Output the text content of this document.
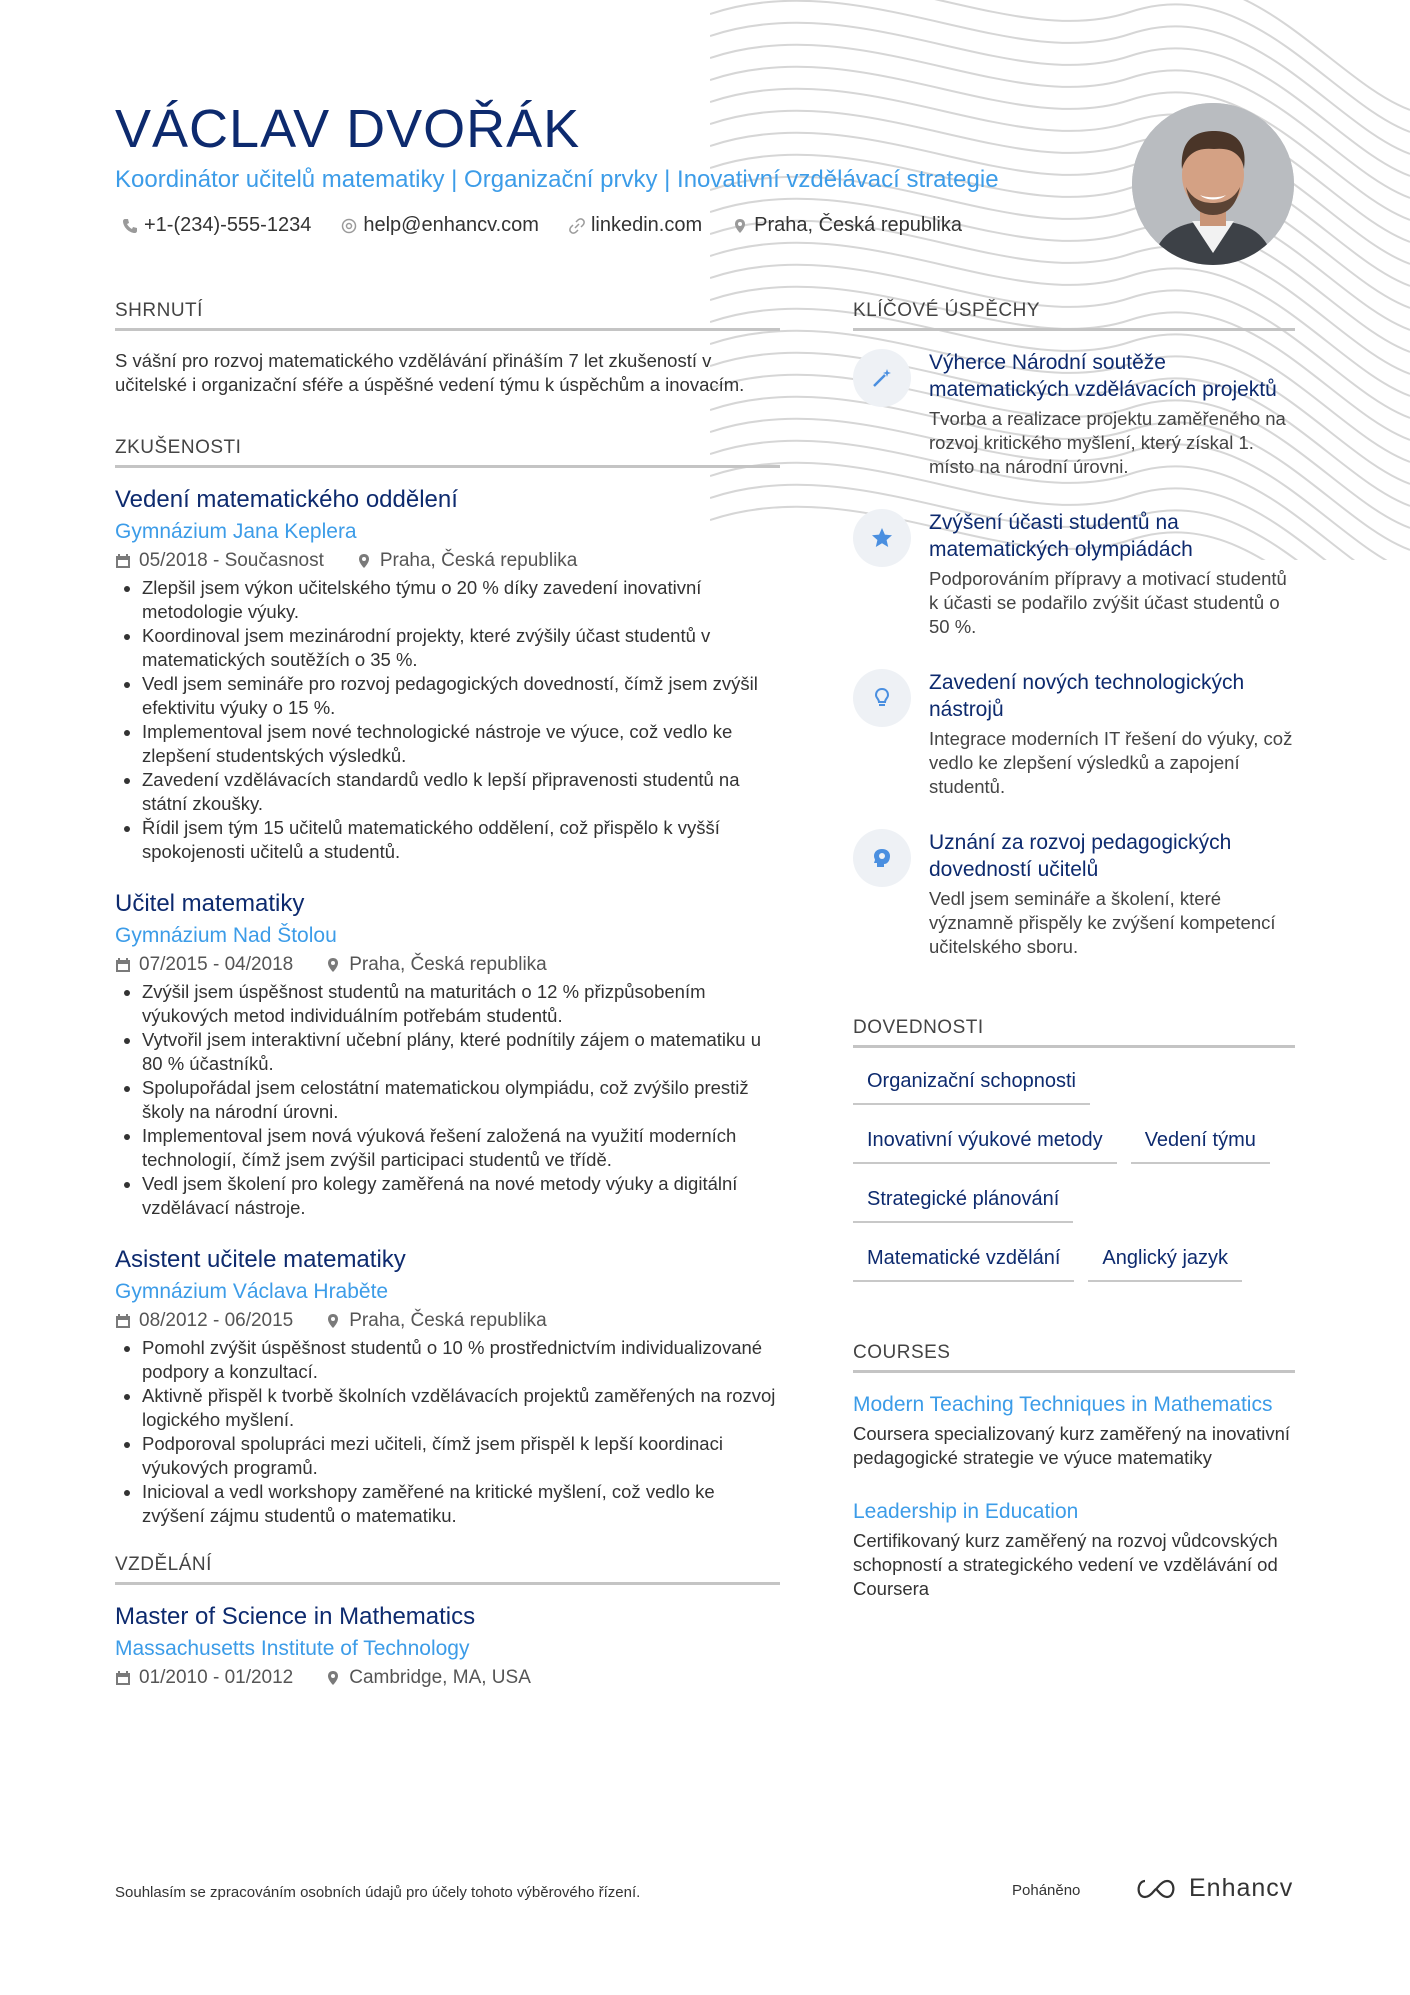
VÁCLAV DVOŘÁK
Koordinátor učitelů matematiky | Organizační prvky | Inovativní vzdělávací strategie
+1-(234)-555-1234	help@enhancv.com	linkedin.com	Praha, Česká republika
SHRNUTÍ

S vášní pro rozvoj matematického vzdělávání přináším 7 let zkušeností v učitelské i organizační sféře a úspěšné vedení týmu k úspěchům a inovacím.

ZKUŠENOSTI
Vedení matematického oddělení
Gymnázium Jana Keplera
05/2018 - Současnost	Praha, Česká republika
• Zlepšil jsem výkon učitelského týmu o 20 % díky zavedení inovativní metodologie výuky.
• Koordinoval jsem mezinárodní projekty, které zvýšily účast studentů v matematických soutěžích o 35 %.
• Vedl jsem semináře pro rozvoj pedagogických dovedností, čímž jsem zvýšil efektivitu výuky o 15 %.
• Implementoval jsem nové technologické nástroje ve výuce, což vedlo ke zlepšení studentských výsledků.
• Zavedení vzdělávacích standardů vedlo k lepší připravenosti studentů na státní zkoušky.
• Řídil jsem tým 15 učitelů matematického oddělení, což přispělo k vyšší spokojenosti učitelů a studentů.
Učitel matematiky
Gymnázium Nad Štolou
07/2015 - 04/2018	Praha, Česká republika
• Zvýšil jsem úspěšnost studentů na maturitách o 12 % přizpůsobením výukových metod individuálním potřebám studentů.
• Vytvořil jsem interaktivní učební plány, které podnítily zájem o matematiku u 80 % účastníků.
• Spolupořádal jsem celostátní matematickou olympiádu, což zvýšilo prestiž školy na národní úrovni.
• Implementoval jsem nová výuková řešení založená na využití moderních technologií, čímž jsem zvýšil participaci studentů ve třídě.
• Vedl jsem školení pro kolegy zaměřená na nové metody výuky a digitální vzdělávací nástroje.
Asistent učitele matematiky
Gymnázium Václava Hraběte
08/2012 - 06/2015	Praha, Česká republika
• Pomohl zvýšit úspěšnost studentů o 10 % prostřednictvím individualizované podpory a konzultací.
• Aktivně přispěl k tvorbě školních vzdělávacích projektů zaměřených na rozvoj logického myšlení.
• Podporoval spolupráci mezi učiteli, čímž jsem přispěl k lepší koordinaci výukových programů.
• Inicioval a vedl workshopy zaměřené na kritické myšlení, což vedlo ke zvýšení zájmu studentů o matematiku.
VZDĚLÁNÍ
Master of Science in Mathematics
Massachusetts Institute of Technology
01/2010 - 01/2012	Cambridge, MA, USA
KLÍČOVÉ ÚSPĚCHY
Výherce Národní soutěže matematických vzdělávacích projektů
Tvorba a realizace projektu zaměřeného na rozvoj kritického myšlení, který získal 1. místo na národní úrovni.
Zvýšení účasti studentů na matematických olympiádách
Podporováním přípravy a motivací studentů k účasti se podařilo zvýšit účast studentů o 50 %.
Zavedení nových technologických nástrojů
Integrace moderních IT řešení do výuky, což vedlo ke zlepšení výsledků a zapojení studentů.
Uznání za rozvoj pedagogických dovedností učitelů
Vedl jsem semináře a školení, které významně přispěly ke zvýšení kompetencí učitelského sboru.
DOVEDNOSTI
Organizační schopnosti
Inovativní výukové metody	Vedení týmu
Strategické plánování
Matematické vzdělání	Anglický jazyk
COURSES
Modern Teaching Techniques in Mathematics
Coursera specializovaný kurz zaměřený na inovativní pedagogické strategie ve výuce matematiky
Leadership in Education
Certifikovaný kurz zaměřený na rozvoj vůdcovských schopností a strategického vedení ve vzdělávání od Coursera
Souhlasím se zpracováním osobních údajů pro účely tohoto výběrového řízení.	Poháněno	Enhancv
